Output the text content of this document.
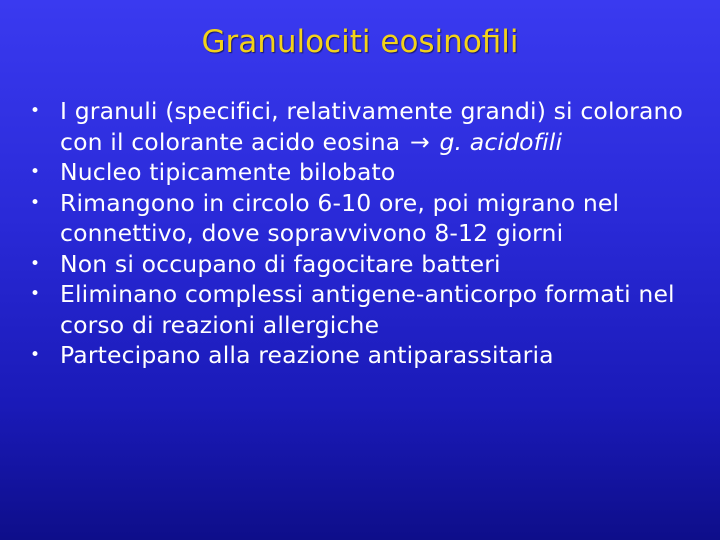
Granulociti eosinofili
• I granuli (specifici, relativamente grandi) si colorano con il colorante acido eosina → g. acidofili
• Nucleo tipicamente bilobato
• Rimangono in circolo 6-10 ore, poi migrano nel connettivo, dove sopravvivono 8-12 giorni
• Non si occupano di fagocitare batteri
• Eliminano complessi antigene-anticorpo formati nel corso di reazioni allergiche
• Partecipano alla reazione antiparassitaria
